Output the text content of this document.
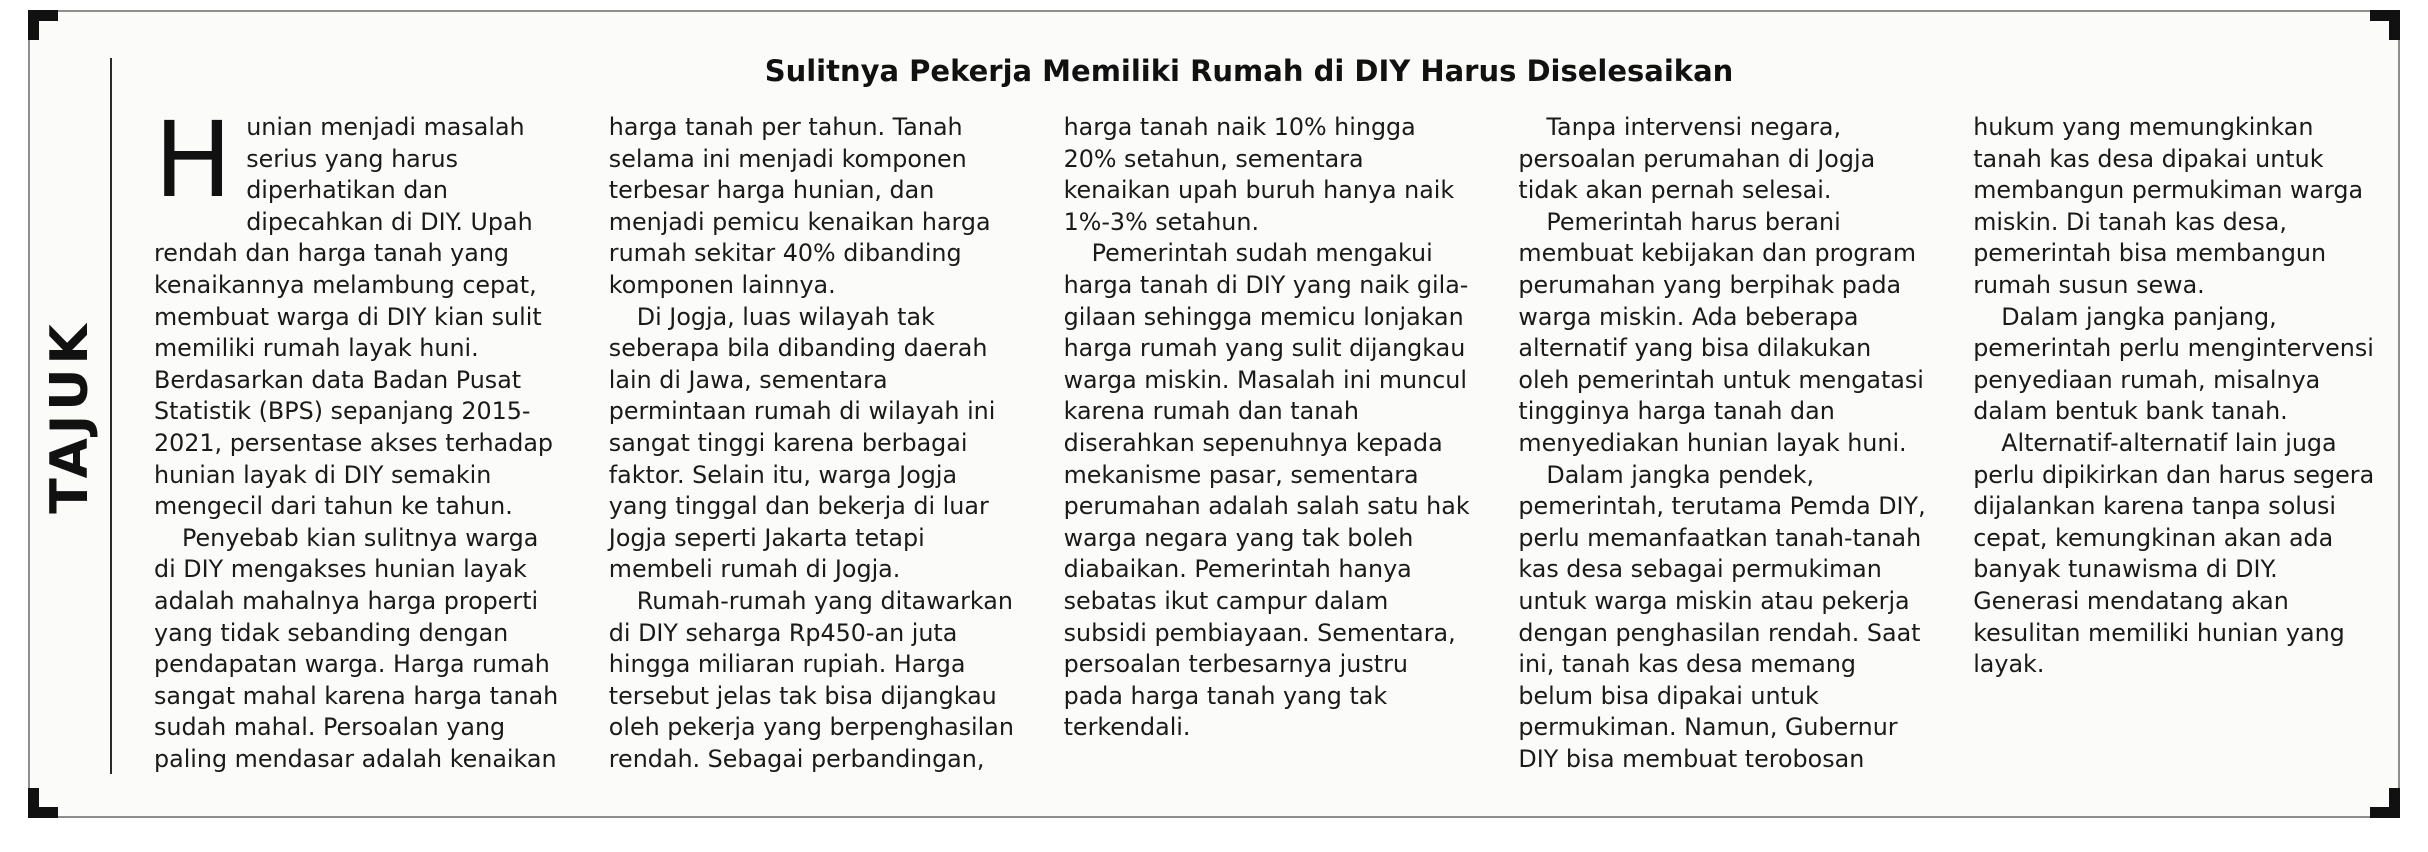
TAJUK
Sulitnya Pekerja Memiliki Rumah di DIY Harus Diselesaikan

Hunian menjadi masalah serius yang harus diperhatikan dan dipecahkan di DIY. Upah rendah dan harga tanah yang kenaikannya melambung cepat, membuat warga di DIY kian sulit memiliki rumah layak huni. Berdasarkan data Badan Pusat Statistik (BPS) sepanjang 2015-2021, persentase akses terhadap hunian layak di DIY semakin mengecil dari tahun ke tahun.

Penyebab kian sulitnya warga di DIY mengakses hunian layak adalah mahalnya harga properti yang tidak sebanding dengan pendapatan warga. Harga rumah sangat mahal karena harga tanah sudah mahal. Persoalan yang paling mendasar adalah kenaikan harga tanah per tahun. Tanah selama ini menjadi komponen terbesar harga hunian, dan menjadi pemicu kenaikan harga rumah sekitar 40% dibanding komponen lainnya.

Di Jogja, luas wilayah tak seberapa bila dibanding daerah lain di Jawa, sementara permintaan rumah di wilayah ini sangat tinggi karena berbagai faktor. Selain itu, warga Jogja yang tinggal dan bekerja di luar Jogja seperti Jakarta tetapi membeli rumah di Jogja.

Rumah-rumah yang ditawarkan di DIY seharga Rp450-an juta hingga miliaran rupiah. Harga tersebut jelas tak bisa dijangkau oleh pekerja yang berpenghasilan rendah. Sebagai perbandingan, harga tanah naik 10% hingga 20% setahun, sementara kenaikan upah buruh hanya naik 1%-3% setahun.

Pemerintah sudah mengakui harga tanah di DIY yang naik gila-gilaan sehingga memicu lonjakan harga rumah yang sulit dijangkau warga miskin. Masalah ini muncul karena rumah dan tanah diserahkan sepenuhnya kepada mekanisme pasar, sementara perumahan adalah salah satu hak warga negara yang tak boleh diabaikan. Pemerintah hanya sebatas ikut campur dalam subsidi pembiayaan. Sementara, persoalan terbesarnya justru pada harga tanah yang tak terkendali.

Tanpa intervensi negara, persoalan perumahan di Jogja tidak akan pernah selesai.

Pemerintah harus berani membuat kebijakan dan program perumahan yang berpihak pada warga miskin. Ada beberapa alternatif yang bisa dilakukan oleh pemerintah untuk mengatasi tingginya harga tanah dan menyediakan hunian layak huni.

Dalam jangka pendek, pemerintah, terutama Pemda DIY, perlu memanfaatkan tanah-tanah kas desa sebagai permukiman untuk warga miskin atau pekerja dengan penghasilan rendah. Saat ini, tanah kas desa memang belum bisa dipakai untuk permukiman. Namun, Gubernur DIY bisa membuat terobosan hukum yang memungkinkan tanah kas desa dipakai untuk membangun permukiman warga miskin. Di tanah kas desa, pemerintah bisa membangun rumah susun sewa.

Dalam jangka panjang, pemerintah perlu mengintervensi penyediaan rumah, misalnya dalam bentuk bank tanah.

Alternatif-alternatif lain juga perlu dipikirkan dan harus segera dijalankan karena tanpa solusi cepat, kemungkinan akan ada banyak tunawisma di DIY. Generasi mendatang akan kesulitan memiliki hunian yang layak.
